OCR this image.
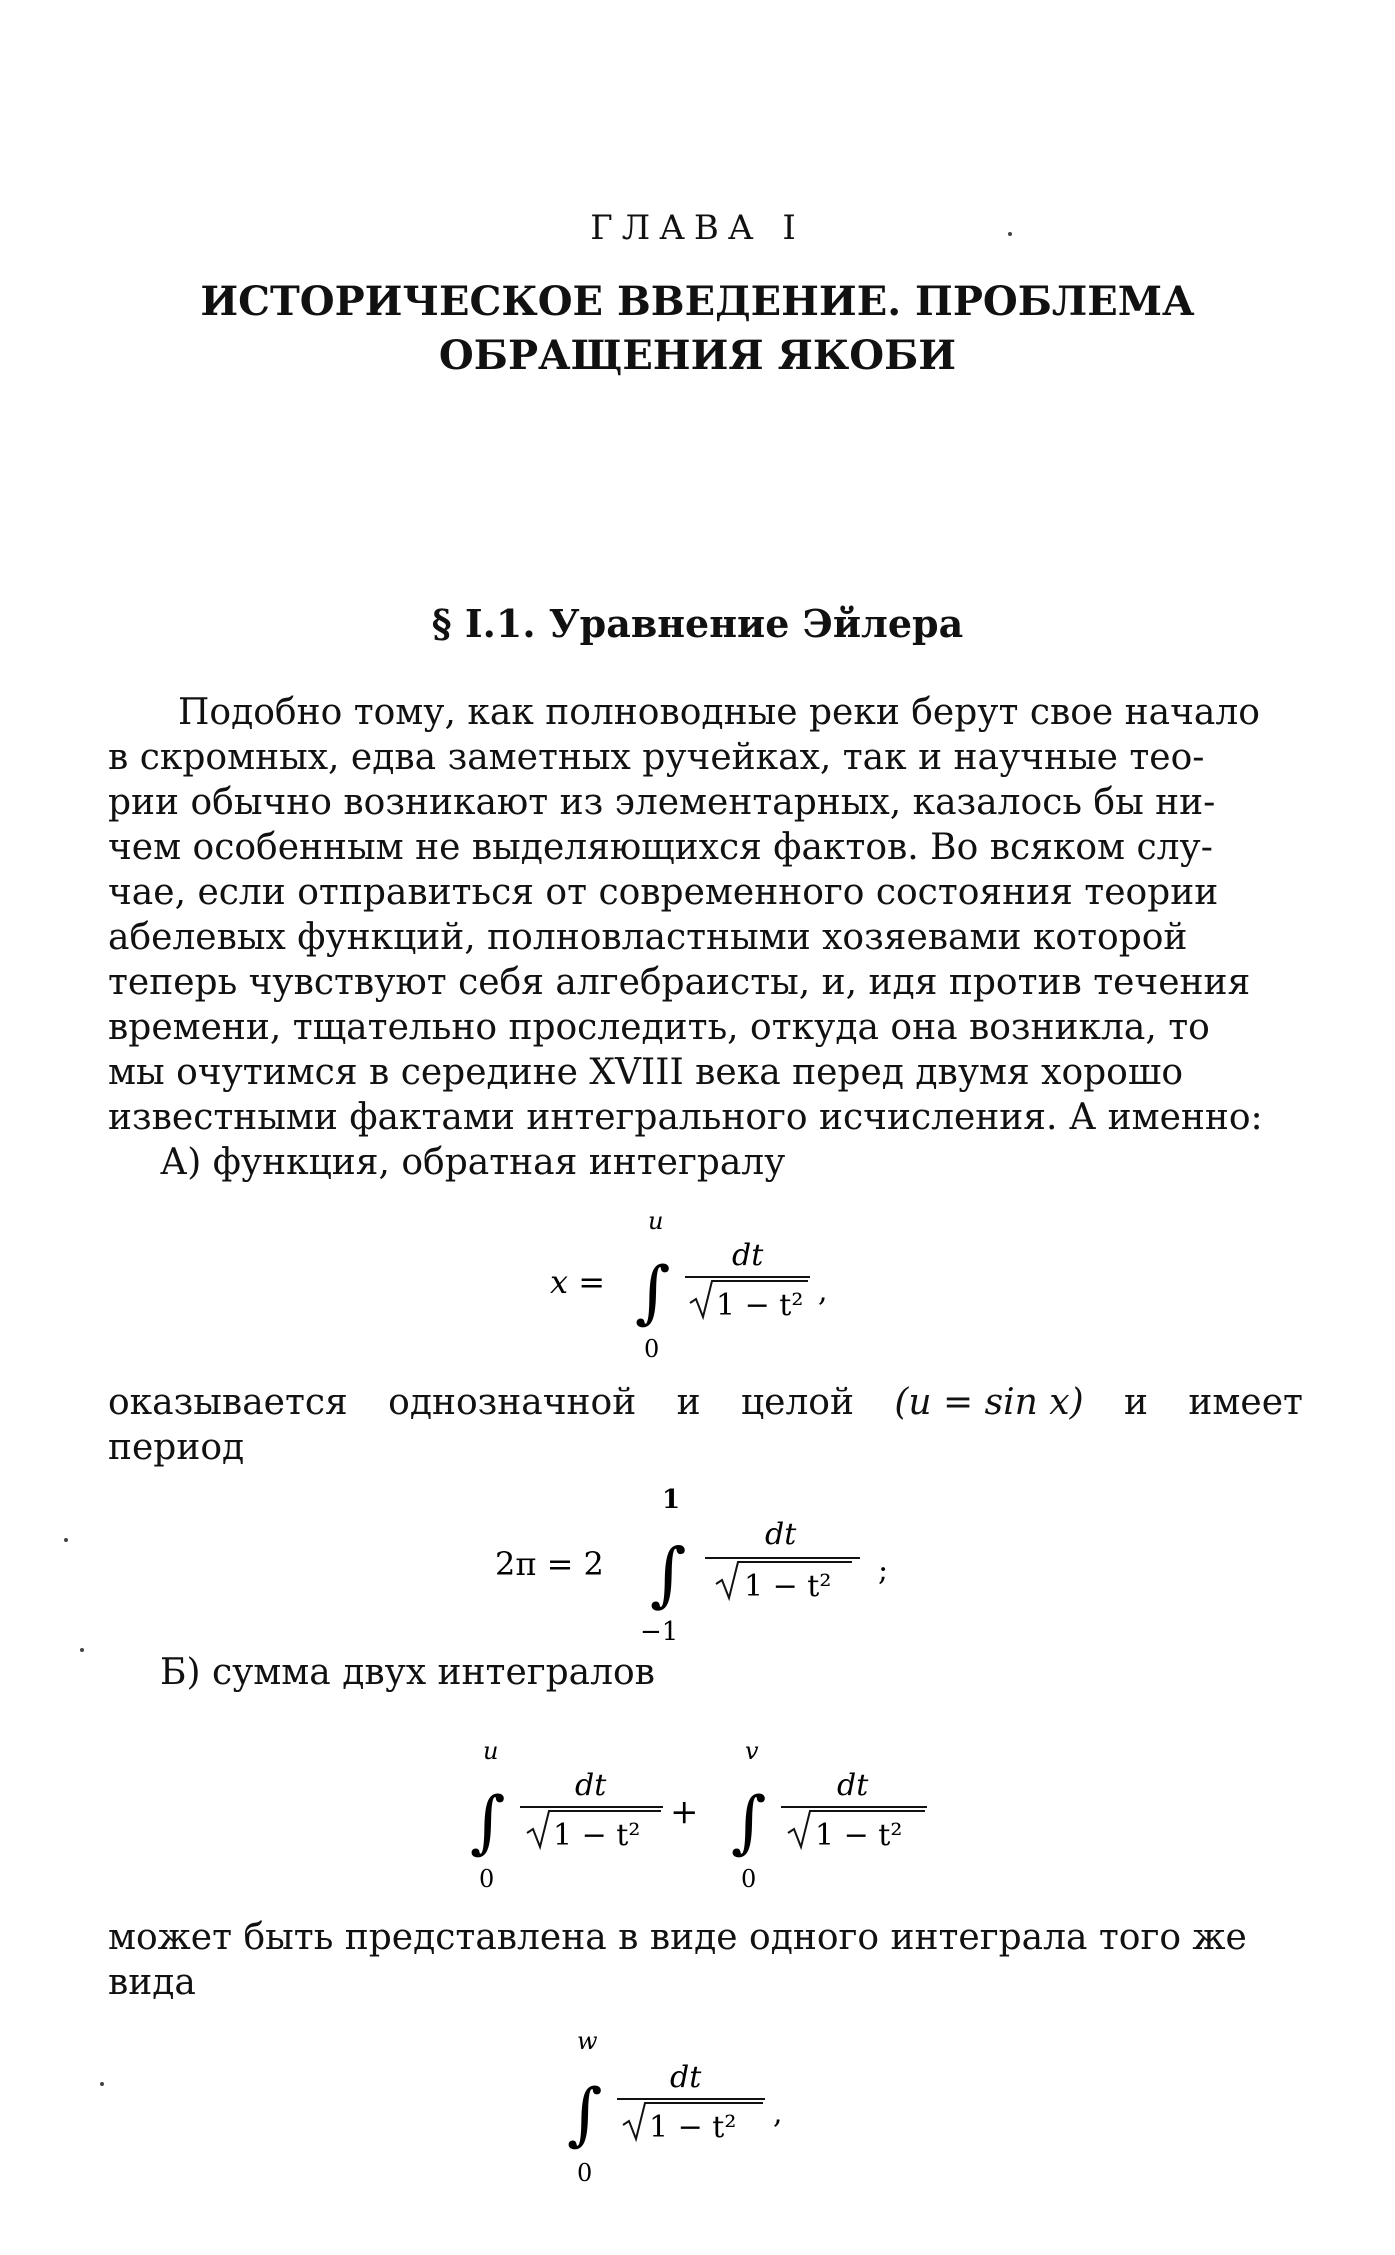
ГЛАВА I
ИСТОРИЧЕСКОЕ ВВЕДЕНИЕ. ПРОБЛЕМА
ОБРАЩЕНИЯ ЯКОБИ
§ I.1. Уравнение Эйлера
Подобно тому, как полноводные реки берут свое начало
в скромных, едва заметных ручейках, так и научные тео-
рии обычно возникают из элементарных, казалось бы ни-
чем особенным не выделяющихся фактов. Во всяком слу-
чае, если отправиться от современного состояния теории
абелевых функций, полновластными хозяевами которой
теперь чувствуют себя алгебраисты, и, идя против течения
времени, тщательно проследить, откуда она возникла, то
мы очутимся в середине XVIII века перед двумя хорошо
известными фактами интегрального исчисления. А именно:
А) функция, обратная интегралу
x =
u
∫
0
dt
1 − t² ,
оказывается однозначной и целой (u = sin x) и имеет
период
2π = 2
1
∫
−1
dt
1 − t² ;
Б) сумма двух интегралов
u
∫
0
dt
1 − t²
+
v
∫
0
dt
1 − t²
может быть представлена в виде одного интеграла того же
вида
w
∫
0
dt
1 − t² ,
